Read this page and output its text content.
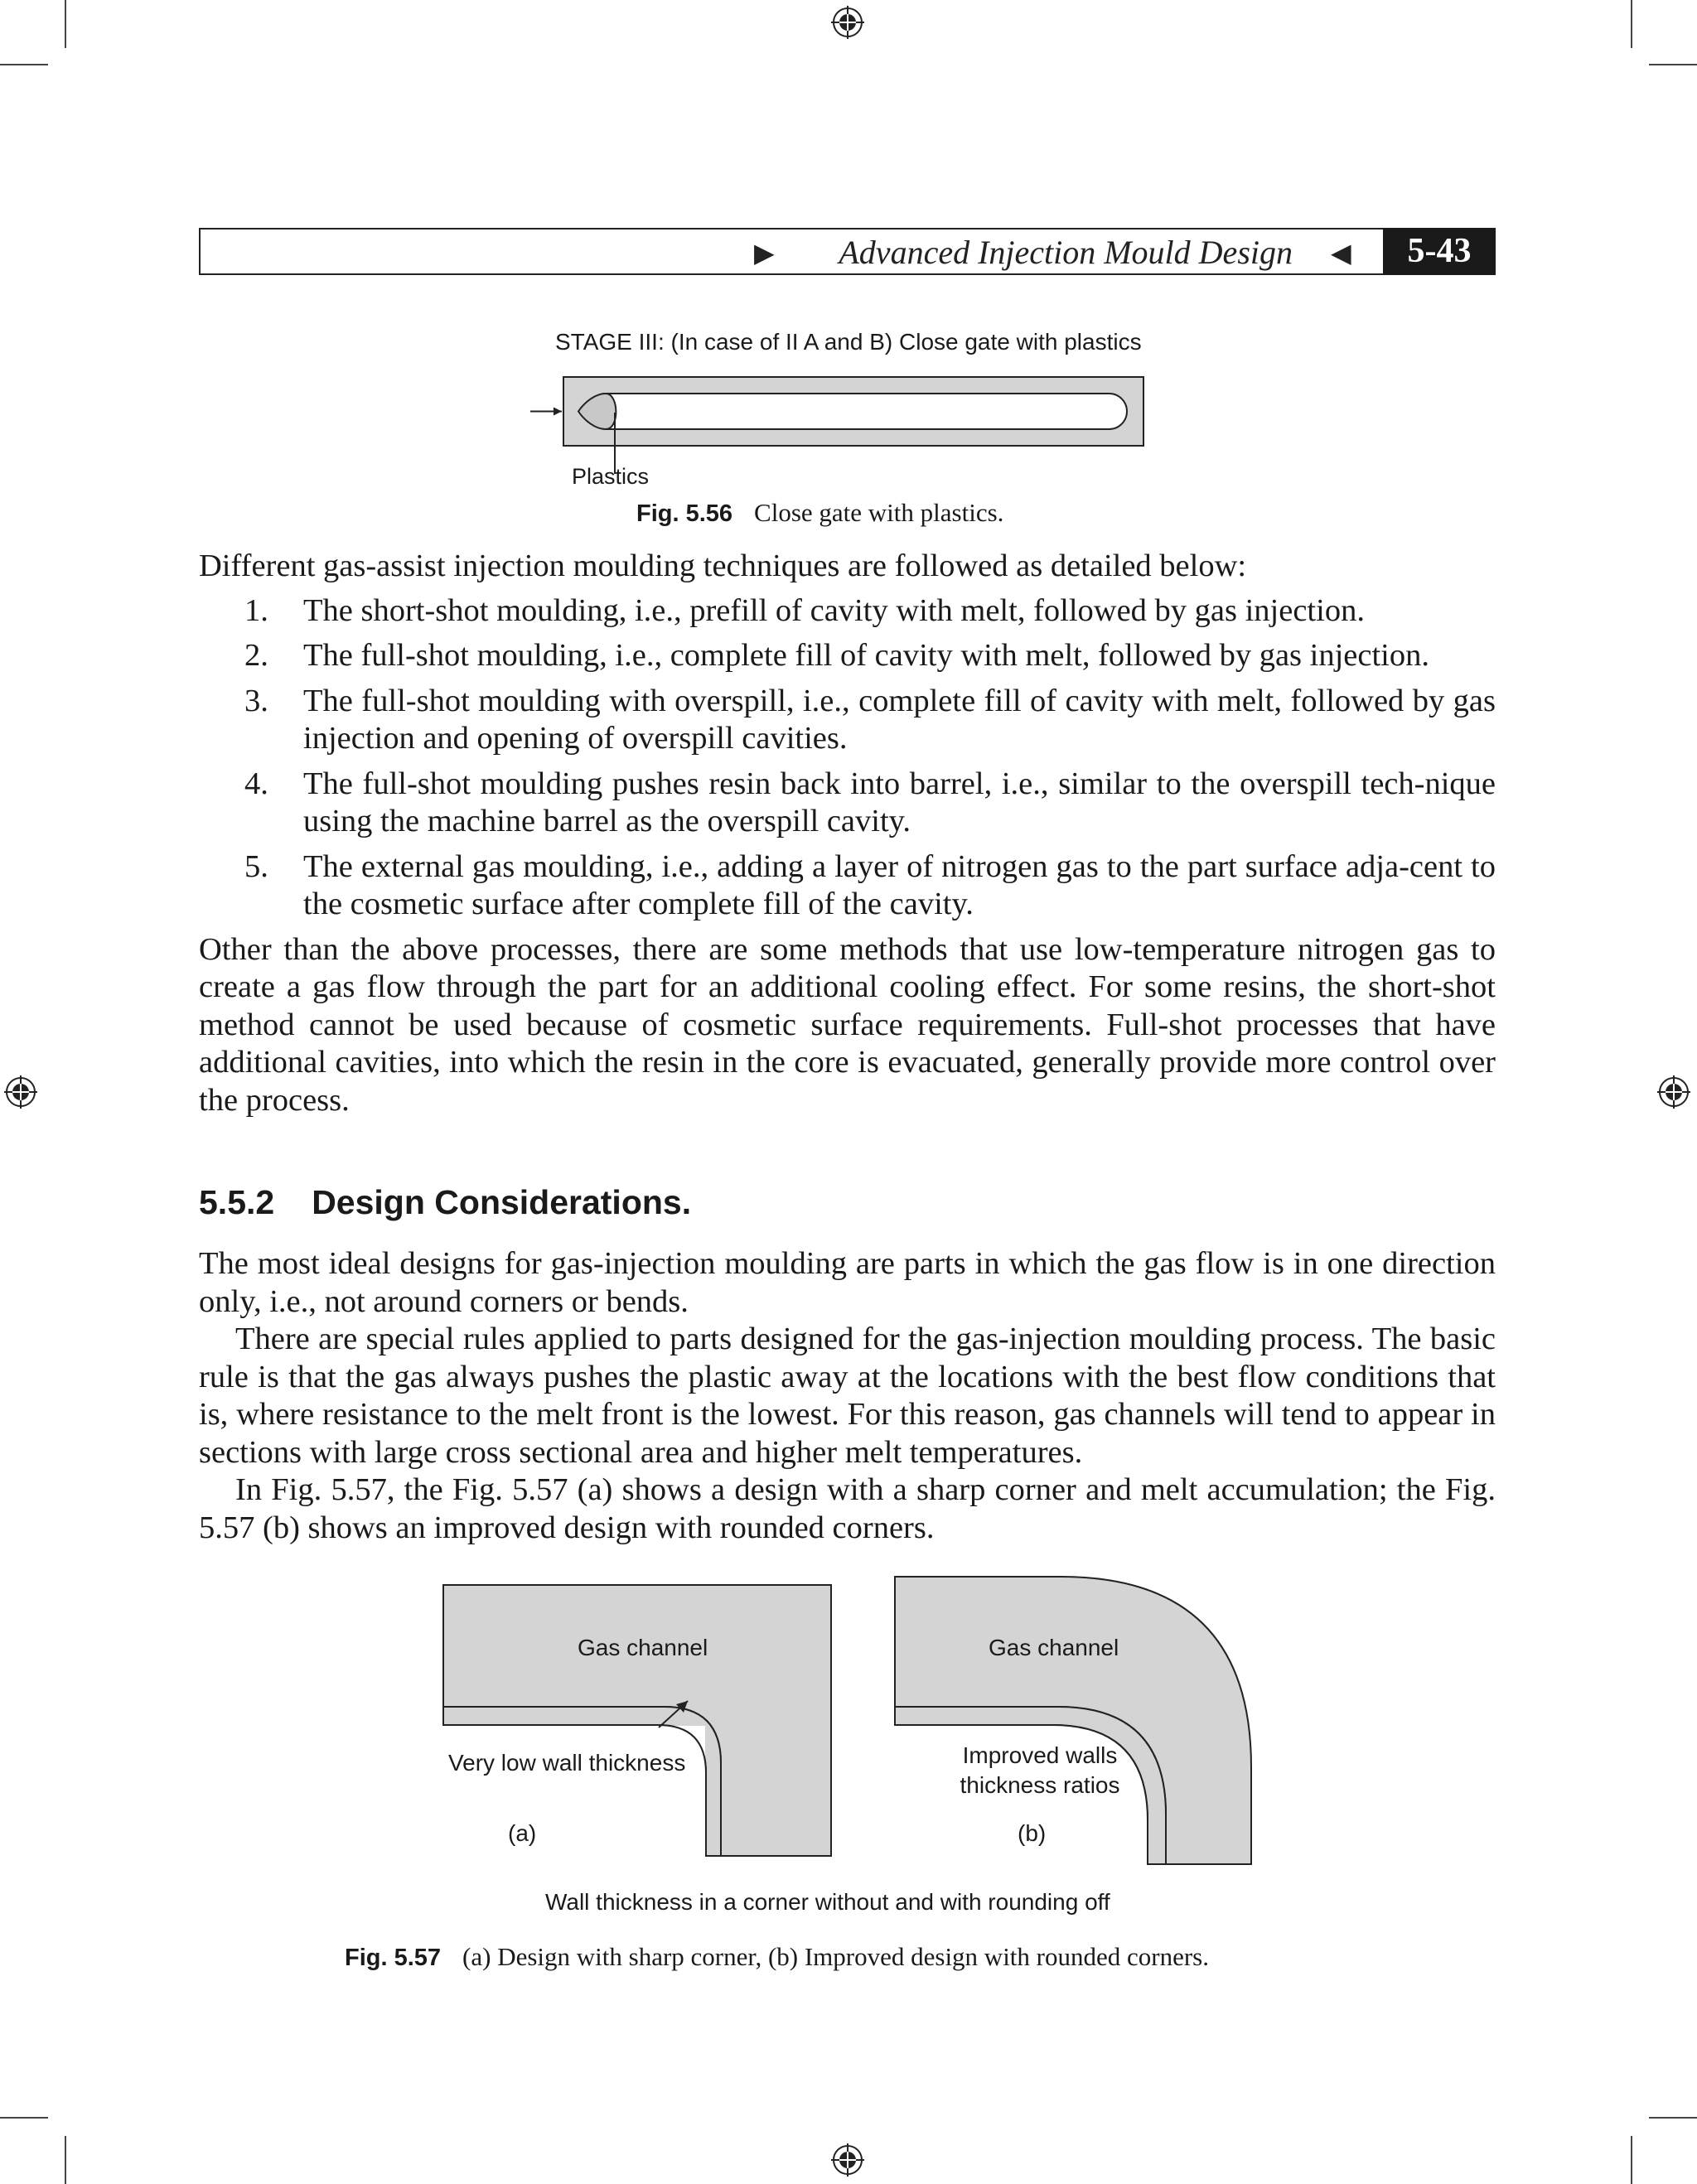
▶ Advanced Injection Mould Design ◀	5-43
STAGE III: (In case of II A and B) Close gate with plastics
Plastics
Fig. 5.56 Close gate with plastics.

Different gas-assist injection moulding techniques are followed as detailed below:

1. The short-shot moulding, i.e., prefill of cavity with melt, followed by gas injection.
2. The full-shot moulding, i.e., complete fill of cavity with melt, followed by gas injection.
3. The full-shot moulding with overspill, i.e., complete fill of cavity with melt, followed by gas injection and opening of overspill cavities.
4. The full-shot moulding pushes resin back into barrel, i.e., similar to the overspill tech-nique using the machine barrel as the overspill cavity.
5. The external gas moulding, i.e., adding a layer of nitrogen gas to the part surface adja-cent to the cosmetic surface after complete fill of the cavity.

Other than the above processes, there are some methods that use low-temperature nitrogen gas to create a gas flow through the part for an additional cooling effect. For some resins, the short-shot method cannot be used because of cosmetic surface requirements. Full-shot processes that have additional cavities, into which the resin in the core is evacuated, generally provide more control over the process.

5.5.2 Design Considerations.

The most ideal designs for gas-injection moulding are parts in which the gas flow is in one direction only, i.e., not around corners or bends.

There are special rules applied to parts designed for the gas-injection moulding process. The basic rule is that the gas always pushes the plastic away at the locations with the best flow conditions that is, where resistance to the melt front is the lowest. For this reason, gas channels will tend to appear in sections with large cross sectional area and higher melt temperatures.

In Fig. 5.57, the Fig. 5.57 (a) shows a design with a sharp corner and melt accumulation; the Fig. 5.57 (b) shows an improved design with rounded corners.

Gas channel
Very low wall thickness
(a)
Gas channel
Improved walls
thickness ratios
(b)
Wall thickness in a corner without and with rounding off
Fig. 5.57 (a) Design with sharp corner, (b) Improved design with rounded corners.
